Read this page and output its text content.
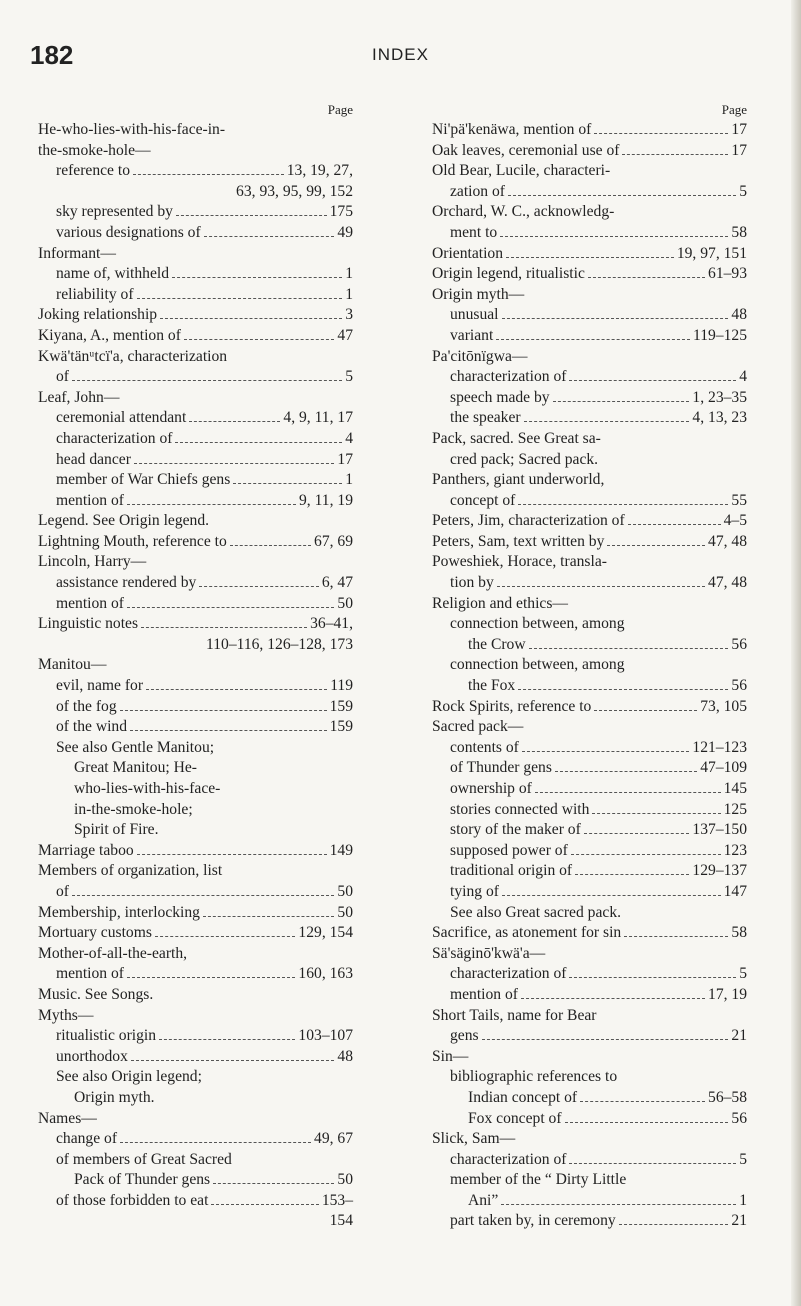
182	INDEX
Page
He-who-lies-with-his-face-in-
the-smoke-hole—
reference to	13, 19, 27,
63, 93, 95, 99, 152
sky represented by	175
various designations of	49
Informant—
name of, withheld	1
reliability of	1
Joking relationship	3
Kiyana, A., mention of	47
Kwä'tänᵘtcï'a, characterization
of	5
Leaf, John—
ceremonial attendant	4, 9, 11, 17
characterization of	4
head dancer	17
member of War Chiefs gens	1
mention of	9, 11, 19
Legend. See Origin legend.
Lightning Mouth, reference to	67, 69
Lincoln, Harry—
assistance rendered by	6, 47
mention of	50
Linguistic notes	36–41,
110–116, 126–128, 173
Manitou—
evil, name for	119
of the fog	159
of the wind	159
See also Gentle Manitou;
Great Manitou; He-
who-lies-with-his-face-
in-the-smoke-hole;
Spirit of Fire.
Marriage taboo	149
Members of organization, list
of	50
Membership, interlocking	50
Mortuary customs	129, 154
Mother-of-all-the-earth,
mention of	160, 163
Music. See Songs.
Myths—
ritualistic origin	103–107
unorthodox	48
See also Origin legend;
Origin myth.
Names—
change of	49, 67
of members of Great Sacred
Pack of Thunder gens	50
of those forbidden to eat	153–
154
Page
Ni'pä'kenäwa, mention of	17
Oak leaves, ceremonial use of	17
Old Bear, Lucile, characteri-
zation of	5
Orchard, W. C., acknowledg-
ment to	58
Orientation	19, 97, 151
Origin legend, ritualistic	61–93
Origin myth—
unusual	48
variant	119–125
Pa'citōnïgwa—
characterization of	4
speech made by	1, 23–35
the speaker	4, 13, 23
Pack, sacred. See Great sa-
cred pack; Sacred pack.
Panthers, giant underworld,
concept of	55
Peters, Jim, characterization of	4–5
Peters, Sam, text written by	47, 48
Poweshiek, Horace, transla-
tion by	47, 48
Religion and ethics—
connection between, among
the Crow	56
connection between, among
the Fox	56
Rock Spirits, reference to	73, 105
Sacred pack—
contents of	121–123
of Thunder gens	47–109
ownership of	145
stories connected with	125
story of the maker of	137–150
supposed power of	123
traditional origin of	129–137
tying of	147
See also Great sacred pack.
Sacrifice, as atonement for sin	58
Sä'säginō'kwä'a—
characterization of	5
mention of	17, 19
Short Tails, name for Bear
gens	21
Sin—
bibliographic references to
Indian concept of	56–58
Fox concept of	56
Slick, Sam—
characterization of	5
member of the “ Dirty Little
Ani”	1
part taken by, in ceremony	21
